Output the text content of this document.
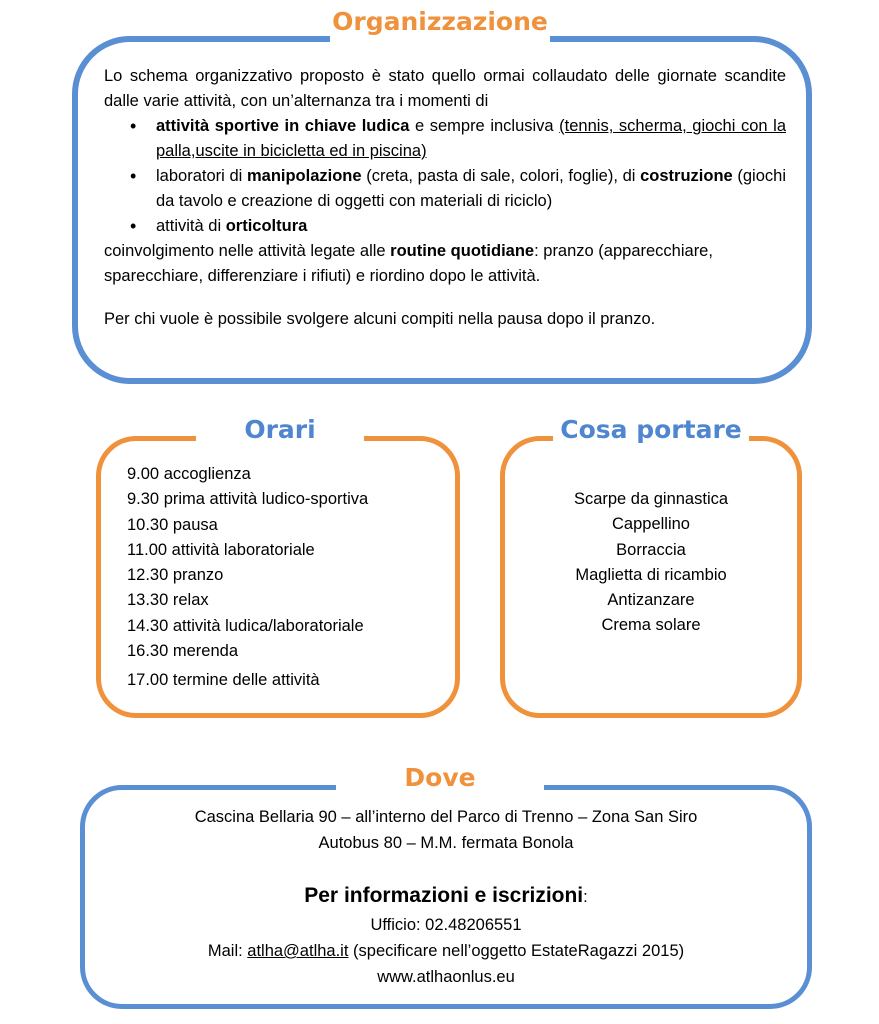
Organizzazione

Lo schema organizzativo proposto è stato quello ormai collaudato delle giornate scandite dalle varie attività, con un’alternanza tra i momenti di

• attività sportive in chiave ludica e sempre inclusiva (tennis, scherma, giochi con la palla,uscite in bicicletta ed in piscina)
• laboratori di manipolazione (creta, pasta di sale, colori, foglie), di costruzione (giochi da tavolo e creazione di oggetti con materiali di riciclo)
• attività di orticoltura

coinvolgimento nelle attività legate alle routine quotidiane: pranzo (apparecchiare, sparecchiare, differenziare i rifiuti) e riordino dopo le attività.

Per chi vuole è possibile svolgere alcuni compiti nella pausa dopo il pranzo.

Orari
9.00 accoglienza
9.30 prima attività ludico-sportiva
10.30 pausa
11.00 attività laboratoriale
12.30 pranzo
13.30 relax
14.30 attività ludica/laboratoriale
16.30 merenda
17.00 termine delle attività
Cosa portare
Scarpe da ginnastica
Cappellino
Borraccia
Maglietta di ricambio
Antizanzare
Crema solare
Dove
Cascina Bellaria 90 – all’interno del Parco di Trenno – Zona San Siro
Autobus 80 – M.M. fermata Bonola
Per informazioni e iscrizioni:
Ufficio: 02.48206551
Mail: atlha@atlha.it (specificare nell’oggetto EstateRagazzi 2015)
www.atlhaonlus.eu
